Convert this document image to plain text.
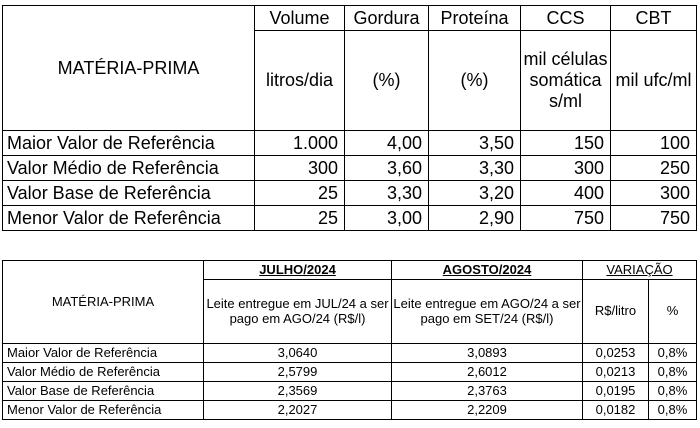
MATÉRIA-PRIMA	Volume	Gordura	Proteína	CCS	CBT
	litros/dia	(%)	(%)	mil células somática s/ml	mil ufc/ml
Maior Valor de Referência	1.000	4,00	3,50	150	100
Valor Médio de Referência	300	3,60	3,30	300	250
Valor Base de Referência	25	3,30	3,20	400	300
Menor Valor de Referência	25	3,00	2,90	750	750
MATÉRIA-PRIMA	JULHO/2024	AGOSTO/2024	VARIAÇÃO	
	Leite entregue em JUL/24 a ser pago em AGO/24 (R$/l)	Leite entregue em AGO/24 a ser pago em SET/24 (R$/l)	R$/litro	%
Maior Valor de Referência	3,0640	3,0893	0,0253	0,8%
Valor Médio de Referência	2,5799	2,6012	0,0213	0,8%
Valor Base de Referência	2,3569	2,3763	0,0195	0,8%
Menor Valor de Referência	2,2027	2,2209	0,0182	0,8%
